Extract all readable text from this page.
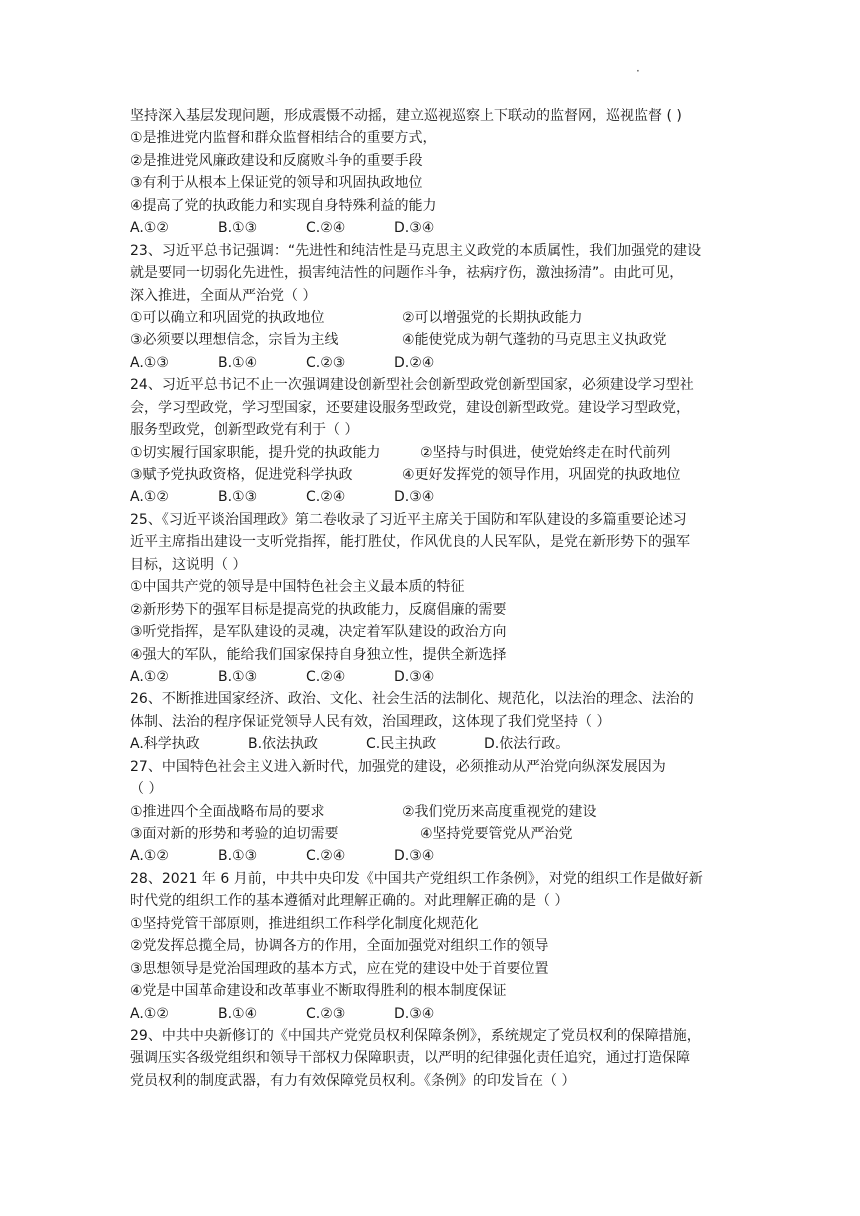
·
坚持深入基层发现问题，形成震慑不动摇，建立巡视巡察上下联动的监督网，巡视监督 ( )
①是推进党内监督和群众监督相结合的重要方式，
②是推进党风廉政建设和反腐败斗争的重要手段
③有利于从根本上保证党的领导和巩固执政地位
④提高了党的执政能力和实现自身特殊利益的能力
A.①②	B.①③	C.②④	D.③④
23、习近平总书记强调：“先进性和纯洁性是马克思主义政党的本质属性，我们加强党的建设
就是要同一切弱化先进性，损害纯洁性的问题作斗争，祛病疗伤，激浊扬清”。由此可见，
深入推进，全面从严治党（ ）
①可以确立和巩固党的执政地位	②可以增强党的长期执政能力
③必须要以理想信念，宗旨为主线	④能使党成为朝气蓬勃的马克思主义执政党
A.①③	B.①④	C.②③	D.②④
24、习近平总书记不止一次强调建设创新型社会创新型政党创新型国家，必须建设学习型社
会，学习型政党，学习型国家，还要建设服务型政党，建设创新型政党。建设学习型政党，
服务型政党，创新型政党有利于（ ）
①切实履行国家职能，提升党的执政能力	②坚持与时俱进，使党始终走在时代前列
③赋予党执政资格，促进党科学执政	④更好发挥党的领导作用，巩固党的执政地位
A.①②	B.①③	C.②④	D.③④
25、《习近平谈治国理政》第二卷收录了习近平主席关于国防和军队建设的多篇重要论述习
近平主席指出建设一支听党指挥，能打胜仗，作风优良的人民军队，是党在新形势下的强军
目标，这说明（ ）
①中国共产党的领导是中国特色社会主义最本质的特征
②新形势下的强军目标是提高党的执政能力，反腐倡廉的需要
③听党指挥，是军队建设的灵魂，决定着军队建设的政治方向
④强大的军队，能给我们国家保持自身独立性，提供全新选择
A.①②	B.①③	C.②④	D.③④
26、不断推进国家经济、政治、文化、社会生活的法制化、规范化，以法治的理念、法治的
体制、法治的程序保证党领导人民有效，治国理政，这体现了我们党坚持（ ）
A.科学执政	B.依法执政	C.民主执政	D.依法行政。
27、中国特色社会主义进入新时代，加强党的建设，必须推动从严治党向纵深发展因为
（ ）
①推进四个全面战略布局的要求	②我们党历来高度重视党的建设
③面对新的形势和考验的迫切需要	④坚持党要管党从严治党
A.①②	B.①③	C.②④	D.③④
28、2021 年 6 月前，中共中央印发《中国共产党组织工作条例》，对党的组织工作是做好新
时代党的组织工作的基本遵循对此理解正确的。对此理解正确的是（ ）
①坚持党管干部原则，推进组织工作科学化制度化规范化
②党发挥总揽全局，协调各方的作用，全面加强党对组织工作的领导
③思想领导是党治国理政的基本方式，应在党的建设中处于首要位置
④党是中国革命建设和改革事业不断取得胜利的根本制度保证
A.①②	B.①④	C.②③	D.③④
29、中共中央新修订的《中国共产党党员权利保障条例》，系统规定了党员权利的保障措施，
强调压实各级党组织和领导干部权力保障职责，以严明的纪律强化责任追究，通过打造保障
党员权利的制度武器，有力有效保障党员权利。《条例》的印发旨在（ ）
